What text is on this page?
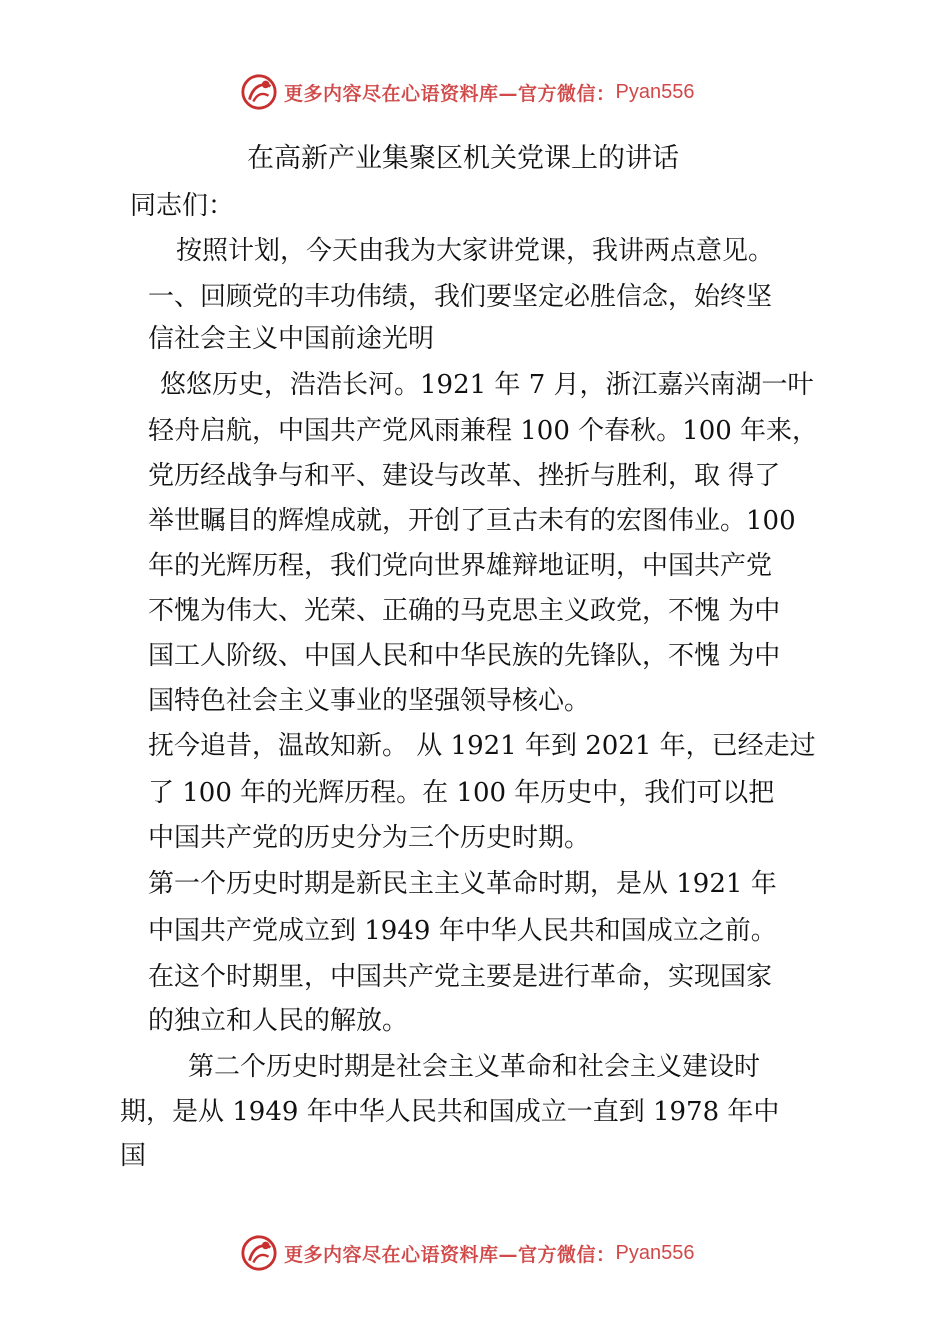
更多内容尽在心语资料库—官方微信： Pyan556
在高新产业集聚区机关党课上的讲话
同志们：
按照计划，今天由我为大家讲党课，我讲两点意见。
一、回顾党的丰功伟绩，我们要坚定必胜信念，始终坚
信社会主义中国前途光明
悠悠历史，浩浩长河。1921 年 7 月，浙江嘉兴南湖一叶
轻舟启航，中国共产党风雨兼程 100 个春秋。100 年来，
党历经战争与和平、建设与改革、挫折与胜利，取 得了
举世瞩目的辉煌成就，开创了亘古未有的宏图伟业。100
年的光辉历程，我们党向世界雄辩地证明，中国共产党
不愧为伟大、光荣、正确的马克思主义政党，不愧 为中
国工人阶级、中国人民和中华民族的先锋队，不愧 为中
国特色社会主义事业的坚强领导核心。
抚今追昔，温故知新。 从 1921 年到 2021 年，已经走过
了 100 年的光辉历程。在 100 年历史中，我们可以把
中国共产党的历史分为三个历史时期。
第一个历史时期是新民主主义革命时期，是从 1921 年
中国共产党成立到 1949 年中华人民共和国成立之前。
在这个时期里，中国共产党主要是进行革命，实现国家
的独立和人民的解放。
第二个历史时期是社会主义革命和社会主义建设时
期，是从 1949 年中华人民共和国成立一直到 1978 年中
国
更多内容尽在心语资料库—官方微信： Pyan556
